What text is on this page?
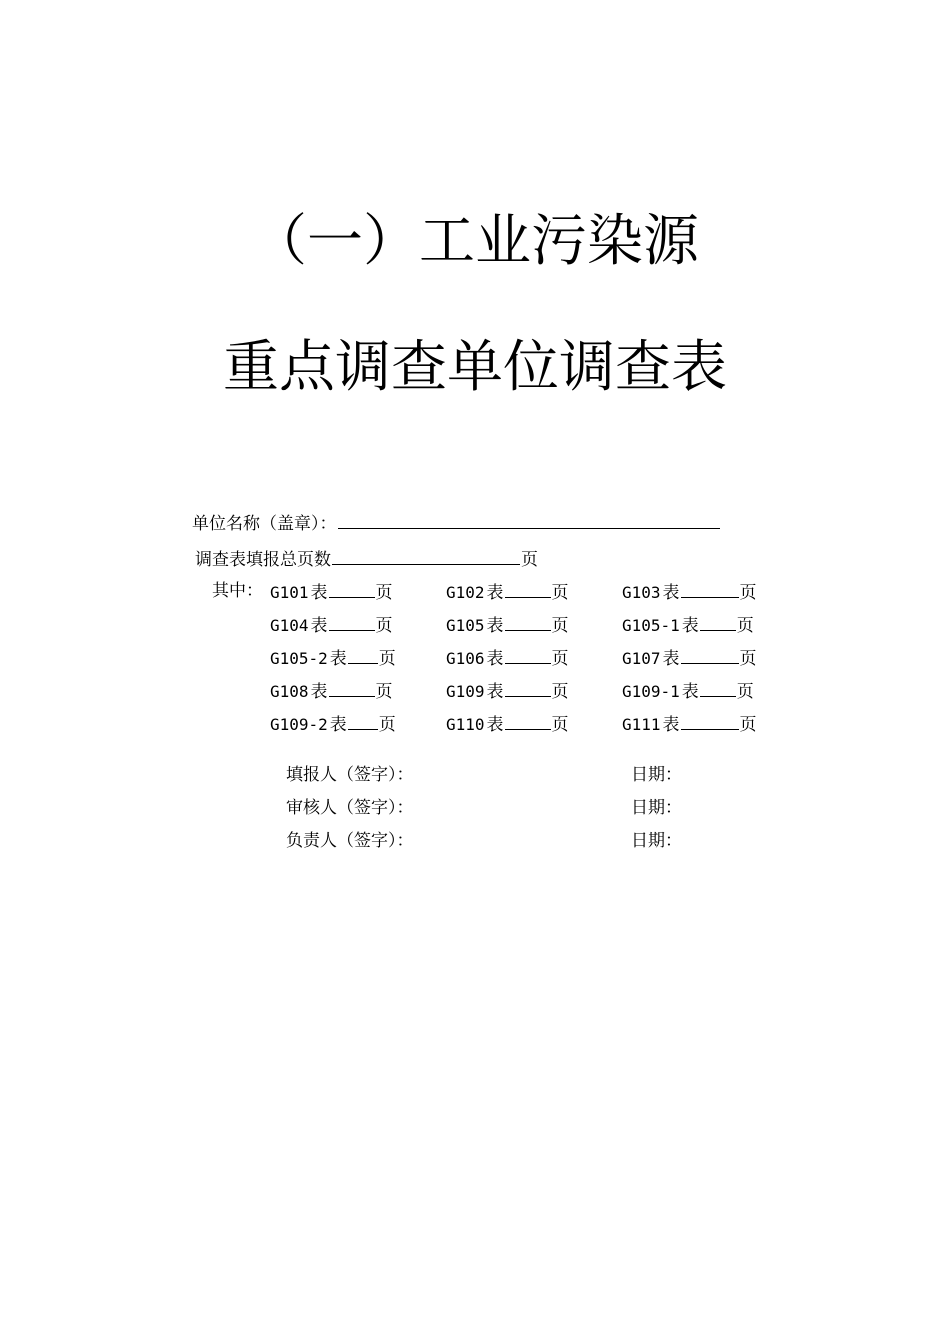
（一）工业污染源
重点调查单位调查表
单位名称（盖章）：
调查表填报总页数	页
其中： G101 表	页	G102 表	页	G103 表	页
G104 表	页	G105 表	页	G105-1 表 页
G105-2 表 页	G106 表	页	G107 表	页
G108 表	页	G109 表	页	G109-1 表 页
G109-2 表 页	G110 表	页	G111 表	页
填报人（签字）：	日期：
审核人（签字）：	日期：
负责人（签字）：	日期：
